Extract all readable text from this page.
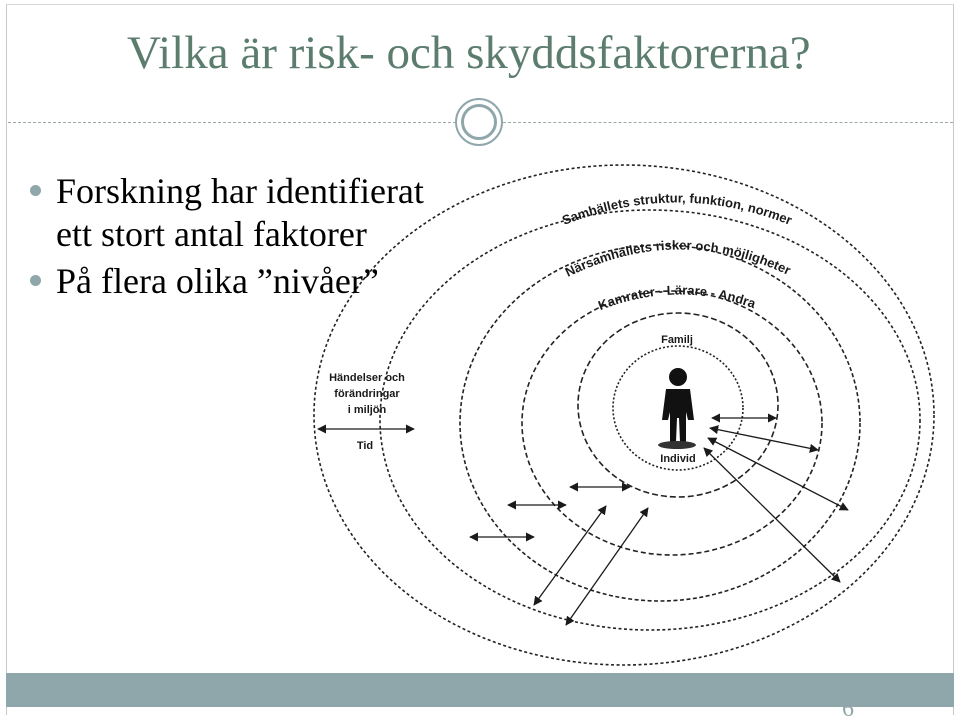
Vilka är risk- och skyddsfaktorerna?
Samhällets struktur, funktion, normer
Närsamhällets risker och möjligheter
Kamrater - Lärare - Andra
Familj
Individ
Händelser och
förändringar
i miljön
Tid
Forskning har identifierat ett stort antal faktorer
På flera olika ”nivåer”
6
